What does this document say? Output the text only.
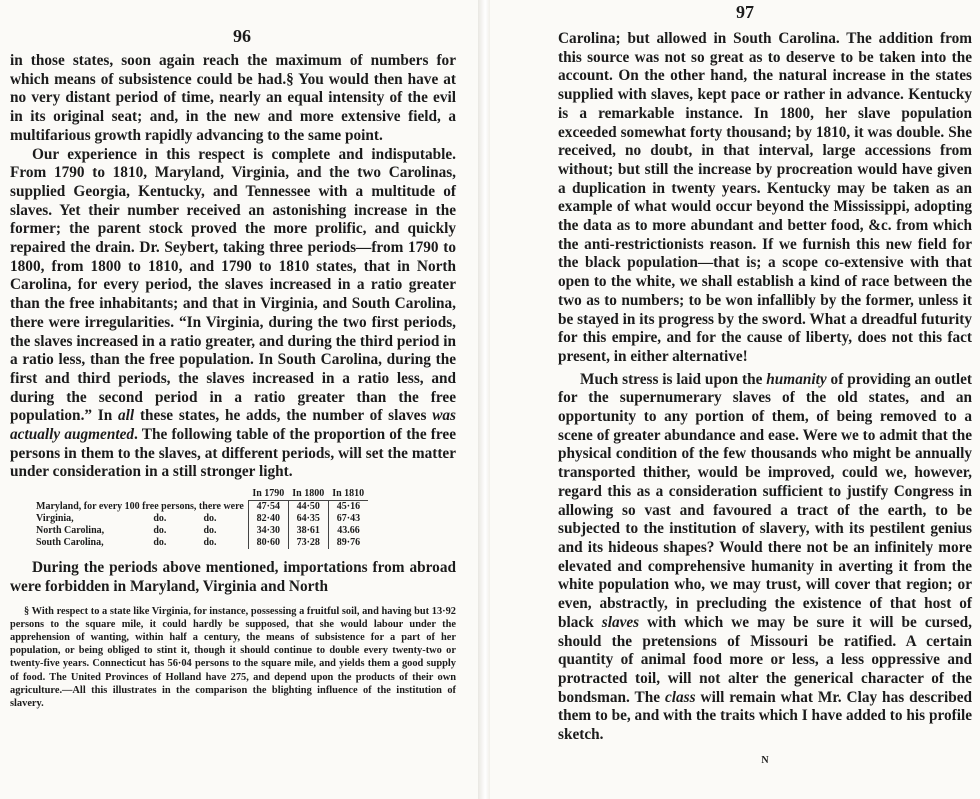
96

in those states, soon again reach the maximum of numbers for which means of subsistence could be had.§ You would then have at no very distant period of time, nearly an equal intensity of the evil in its original seat; and, in the new and more extensive field, a multifarious growth rapidly advancing to the same point.

Our experience in this respect is complete and indisputable. From 1790 to 1810, Maryland, Virginia, and the two Carolinas, supplied Georgia, Kentucky, and Tennessee with a multitude of slaves. Yet their number received an astonishing increase in the former; the parent stock proved the more prolific, and quickly repaired the drain. Dr. Seybert, taking three periods—from 1790 to 1800, from 1800 to 1810, and 1790 to 1810 states, that in North Carolina, for every period, the slaves increased in a ratio greater than the free inhabitants; and that in Virginia, and South Carolina, there were irregularities. “In Virginia, during the two first periods, the slaves increased in a ratio greater, and during the third period in a ratio less, than the free population. In South Carolina, during the first and third periods, the slaves increased in a ratio less, and during the second period in a ratio greater than the free population.” In all these states, he adds, the number of slaves was actually augmented. The following table of the proportion of the free persons in them to the slaves, at different periods, will set the matter under consideration in a still stronger light.

			In 1790	In 1800	In 1810
Maryland, for every 100 free persons, there were			47·54	44·50	45·16
Virginia,	do.	do.	82·40	64·35	67·43
North Carolina,	do.	do.	34·30	38·61	43.66
South Carolina,	do.	do.	80·60	73·28	89·76

During the periods above mentioned, importations from abroad were forbidden in Maryland, Virginia and North

§ With respect to a state like Virginia, for instance, possessing a fruitful soil, and having but 13·92 persons to the square mile, it could hardly be supposed, that she would labour under the apprehension of wanting, within half a century, the means of subsistence for a part of her population, or being obliged to stint it, though it should continue to double every twenty-two or twenty-five years. Connecticut has 56·04 persons to the square mile, and yields them a good supply of food. The United Provinces of Holland have 275, and depend upon the products of their own agriculture.—All this illustrates in the comparison the blighting influence of the institution of slavery.

97

Carolina; but allowed in South Carolina. The addition from this source was not so great as to deserve to be taken into the account. On the other hand, the natural increase in the states supplied with slaves, kept pace or rather in advance. Kentucky is a remarkable instance. In 1800, her slave population exceeded somewhat forty thousand; by 1810, it was double. She received, no doubt, in that interval, large accessions from without; but still the increase by procreation would have given a duplication in twenty years. Kentucky may be taken as an example of what would occur beyond the Mississippi, adopting the data as to more abundant and better food, &c. from which the anti-restrictionists reason. If we furnish this new field for the black population—that is; a scope co-extensive with that open to the white, we shall establish a kind of race between the two as to numbers; to be won infallibly by the former, unless it be stayed in its progress by the sword. What a dreadful futurity for this empire, and for the cause of liberty, does not this fact present, in either alternative!

Much stress is laid upon the humanity of providing an outlet for the supernumerary slaves of the old states, and an opportunity to any portion of them, of being removed to a scene of greater abundance and ease. Were we to admit that the physical condition of the few thousands who might be annually transported thither, would be improved, could we, however, regard this as a consideration sufficient to justify Congress in allowing so vast and favoured a tract of the earth, to be subjected to the institution of slavery, with its pestilent genius and its hideous shapes? Would there not be an infinitely more elevated and comprehensive humanity in averting it from the white population who, we may trust, will cover that region; or even, abstractly, in precluding the existence of that host of black slaves with which we may be sure it will be cursed, should the pretensions of Missouri be ratified. A certain quantity of animal food more or less, a less oppressive and protracted toil, will not alter the generical character of the bondsman. The class will remain what Mr. Clay has described them to be, and with the traits which I have added to his profile sketch.

N
